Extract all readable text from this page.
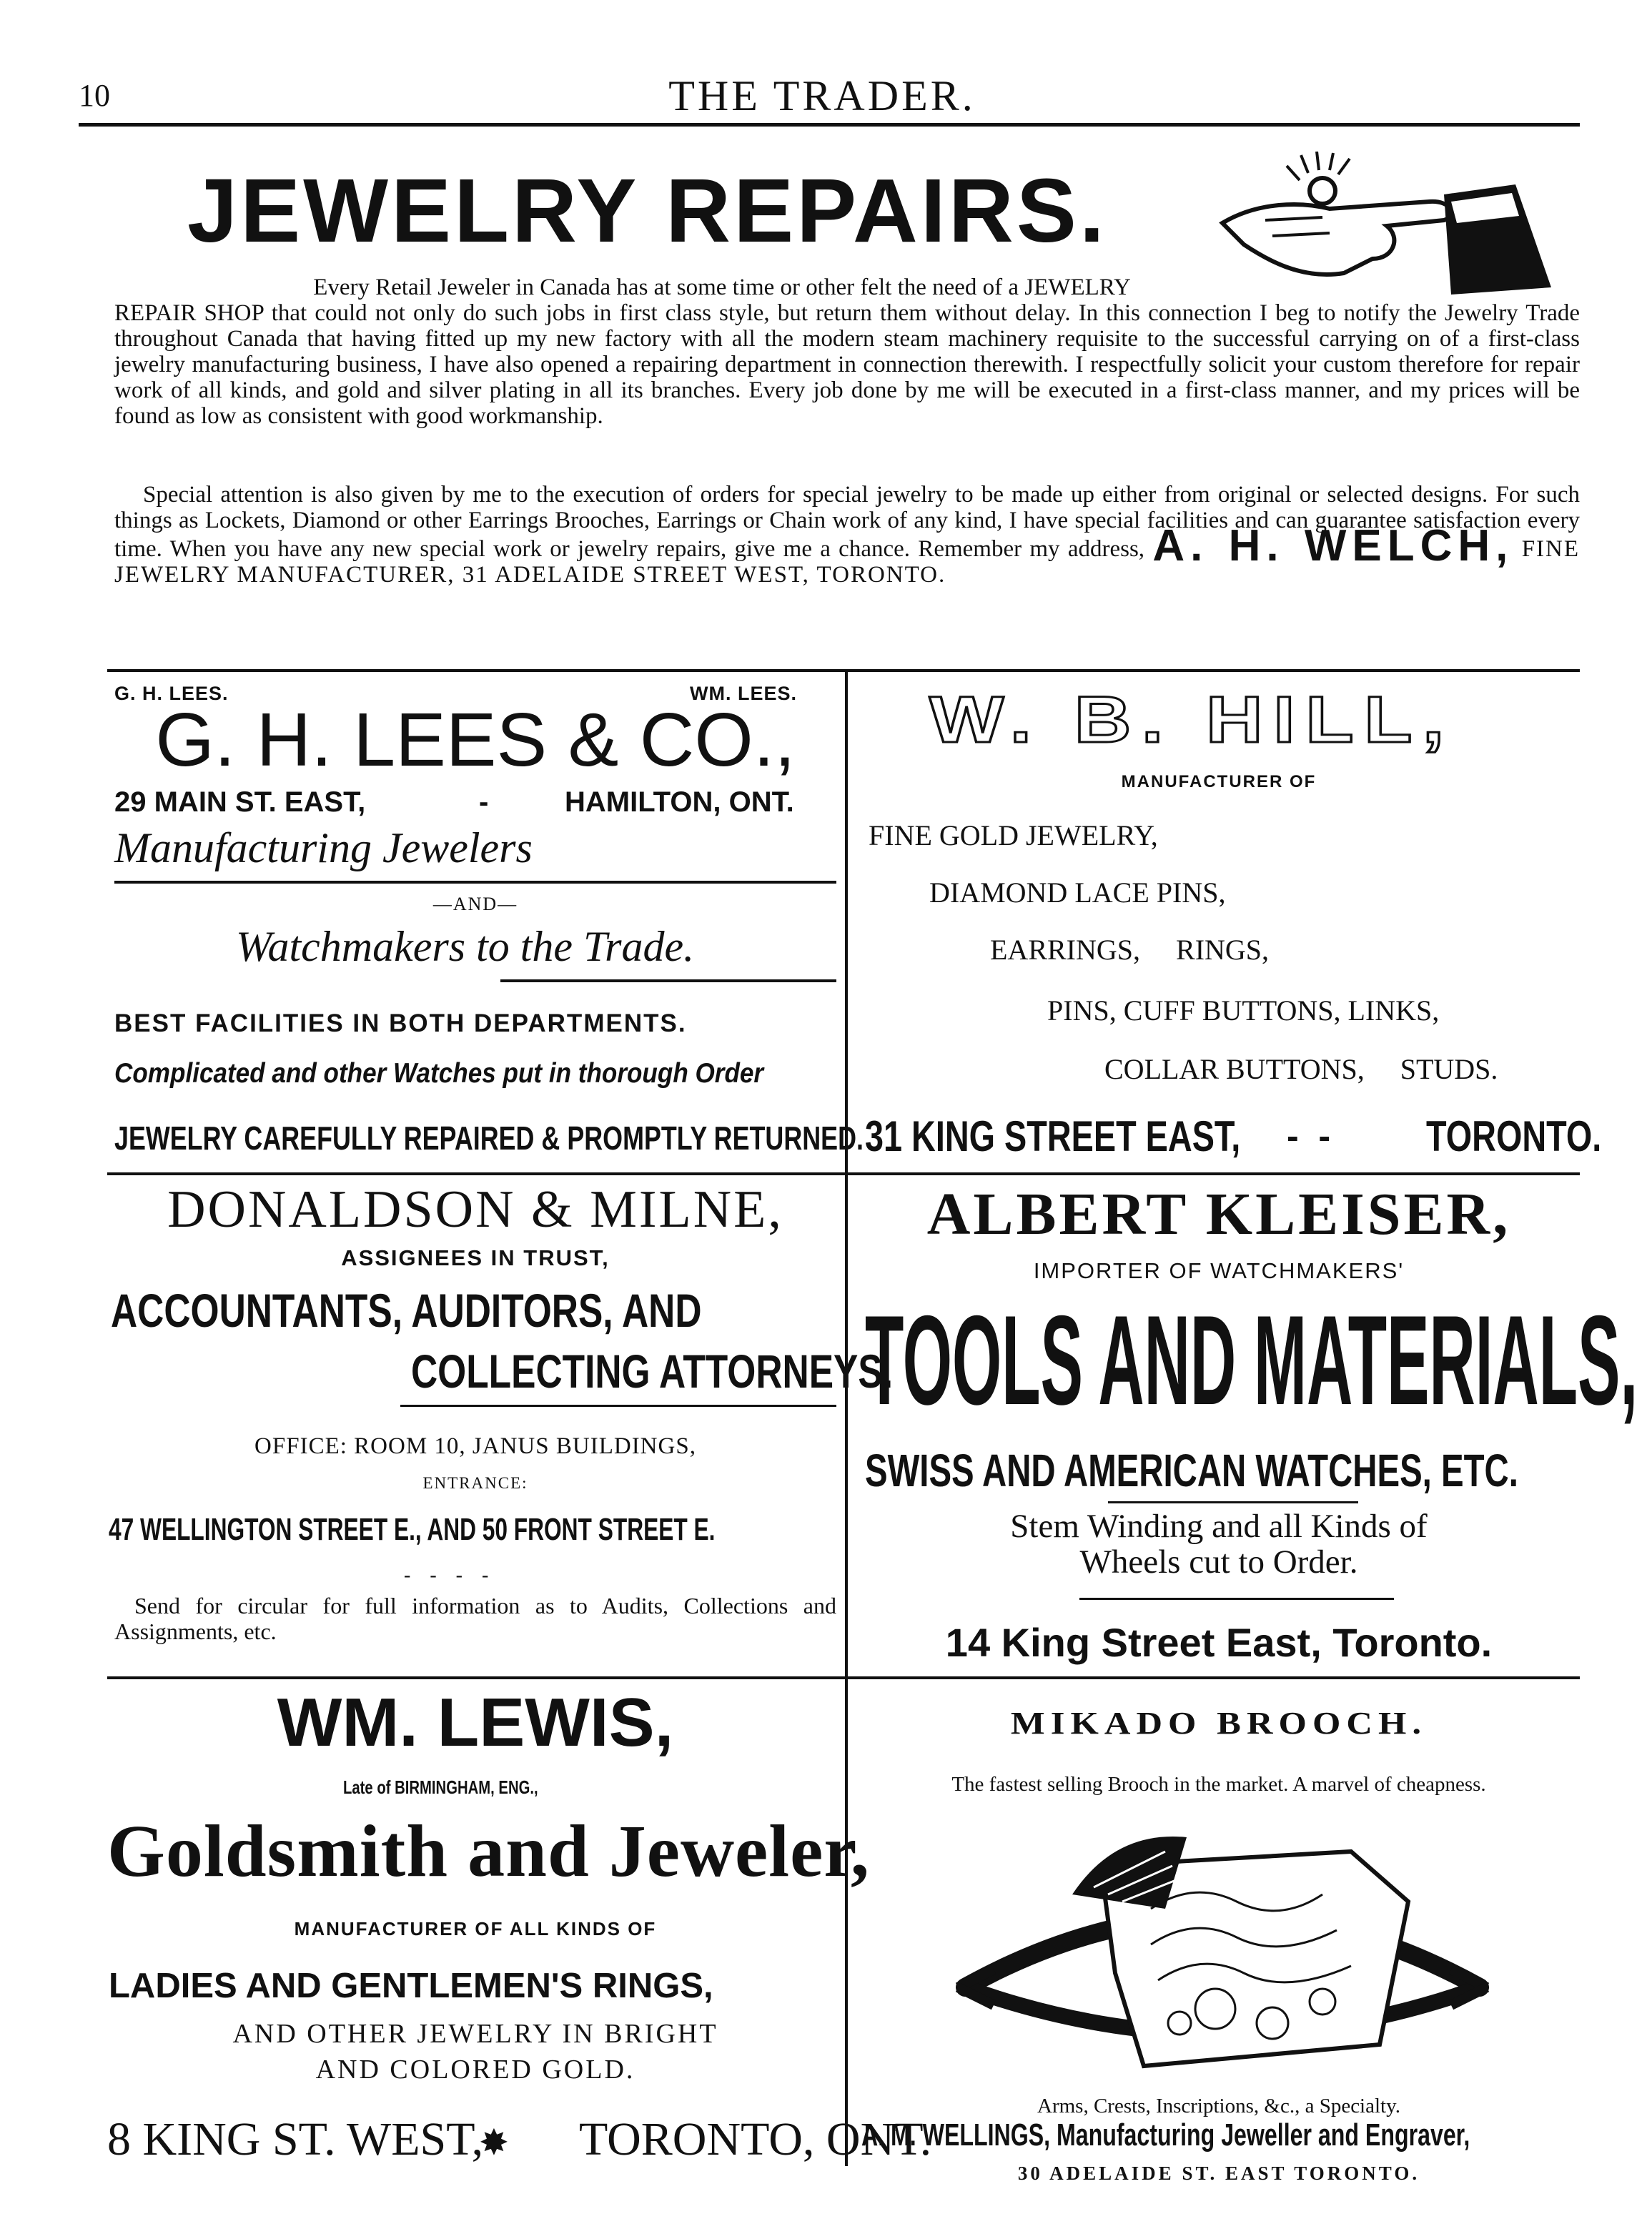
10	THE TRADER.
JEWELRY REPAIRS.

Every Retail Jeweler in Canada has at some time or other felt the need of a JEWELRY

REPAIR SHOP that could not only do such jobs in first class style, but return them without delay. In this connection I beg to notify the Jewelry Trade throughout Canada that having fitted up my new factory with all the modern steam machinery requisite to the successful carrying on of a first-class jewelry manufacturing business, I have also opened a repairing department in connection therewith. I respectfully solicit your custom therefore for repair work of all kinds, and gold and silver plating in all its branches. Every job done by me will be executed in a first-class manner, and my prices will be found as low as consistent with good workmanship.

Special attention is also given by me to the execution of orders for special jewelry to be made up either from original or selected designs. For such things as Lockets, Diamond or other Earrings Brooches, Earrings or Chain work of any kind, I have special facilities and can guarantee satisfaction every time. When you have any new special work or jewelry repairs, give me a chance. Remember my address, A. H. WELCH, FINE JEWELRY MANUFACTURER, 31 ADELAIDE STREET WEST, TORONTO.

G. H. LEES.	WM. LEES.
G. H. LEES & CO.,
29 MAIN ST. EAST,	-	HAMILTON, ONT.
Manufacturing Jewelers
—AND—
Watchmakers to the Trade.
BEST FACILITIES IN BOTH DEPARTMENTS.
Complicated and other Watches put in thorough Order
JEWELRY CAREFULLY REPAIRED & PROMPTLY RETURNED.
W. B. HILL,
MANUFACTURER OF
FINE GOLD JEWELRY,
DIAMOND LACE PINS,
EARRINGS,     RINGS,
PINS, CUFF BUTTONS, LINKS,
COLLAR BUTTONS,     STUDS.
31 KING STREET EAST, -  - TORONTO.
DONALDSON & MILNE,
ASSIGNEES IN TRUST,
ACCOUNTANTS, AUDITORS, AND
COLLECTING ATTORNEYS.
OFFICE: ROOM 10, JANUS BUILDINGS,
ENTRANCE:
47 WELLINGTON STREET E., AND 50 FRONT STREET E.
- - - -

Send for circular for full information as to Audits, Collections and Assignments, etc.

ALBERT KLEISER,
IMPORTER OF WATCHMAKERS'
TOOLS AND MATERIALS,
SWISS AND AMERICAN WATCHES, ETC.
Stem Winding and all Kinds of
Wheels cut to Order.
14 King Street East, Toronto.
WM. LEWIS,
Late of BIRMINGHAM, ENG.,
Goldsmith and Jeweler,
MANUFACTURER OF ALL KINDS OF
LADIES AND GENTLEMEN'S RINGS,
AND OTHER JEWELRY IN BRIGHT
AND COLORED GOLD.
8 KING ST. WEST,
✸ TORONTO, ONT.
MIKADO BROOCH.
The fastest selling Brooch in the market. A marvel of cheapness.
Arms, Crests, Inscriptions, &c., a Specialty.
A. M. WELLINGS, Manufacturing Jeweller and Engraver,
30 ADELAIDE ST. EAST TORONTO.
